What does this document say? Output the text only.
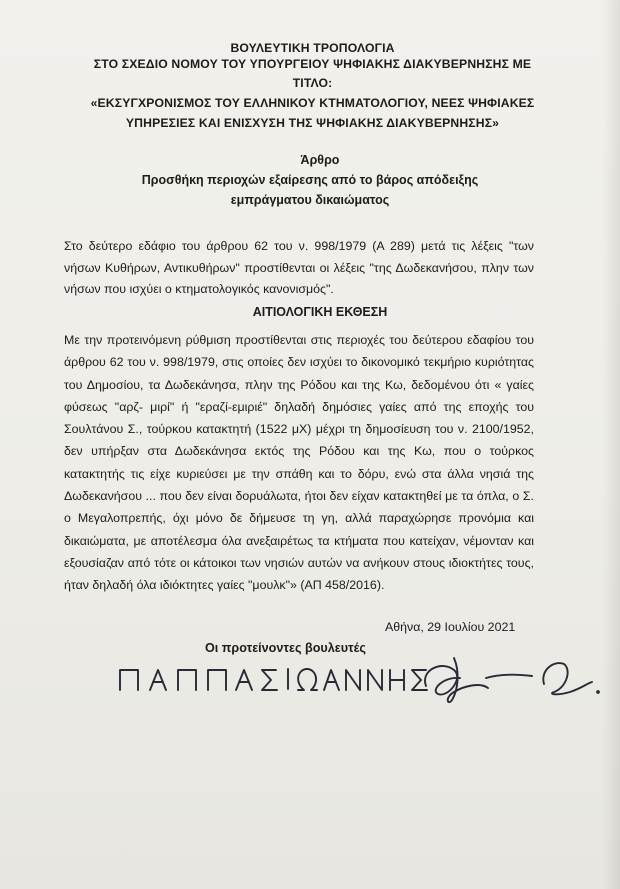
ΒΟΥΛΕΥΤΙΚΗ ΤΡΟΠΟΛΟΓΙΑ
ΣΤΟ ΣΧΕΔΙΟ ΝΟΜΟΥ ΤΟΥ ΥΠΟΥΡΓΕΙΟΥ ΨΗΦΙΑΚΗΣ ΔΙΑΚΥΒΕΡΝΗΣΗΣ ΜΕ
ΤΙΤΛΟ:
«ΕΚΣΥΓΧΡΟΝΙΣΜΟΣ ΤΟΥ ΕΛΛΗΝΙΚΟΥ ΚΤΗΜΑΤΟΛΟΓΙΟΥ, ΝΕΕΣ ΨΗΦΙΑΚΕΣ
ΥΠΗΡΕΣΙΕΣ ΚΑΙ ΕΝΙΣΧΥΣΗ ΤΗΣ ΨΗΦΙΑΚΗΣ ΔΙΑΚΥΒΕΡΝΗΣΗΣ»
Άρθρο
Προσθήκη περιοχών εξαίρεσης από το βάρος απόδειξης εμπράγματου δικαιώματος
Στο δεύτερο εδάφιο του άρθρου 62 του ν. 998/1979 (Α 289) μετά τις λέξεις "των νήσων Κυθήρων, Αντικυθήρων" προστίθενται οι λέξεις "της Δωδεκανήσου, πλην των νήσων που ισχύει ο κτηματολογικός κανονισμός".
ΑΙΤΙΟΛΟΓΙΚΗ ΕΚΘΕΣΗ
Με την προτεινόμενη ρύθμιση προστίθενται στις περιοχές του δεύτερου εδαφίου του άρθρου 62 του ν. 998/1979, στις οποίες δεν ισχύει το δικονομικό τεκμήριο κυριότητας του Δημοσίου, τα Δωδεκάνησα, πλην της Ρόδου και της Κω, δεδομένου ότι « γαίες φύσεως "αρζ- μιρί" ή "εραζί-εμιριέ" δηλαδή δημόσιες γαίες από της εποχής του Σουλτάνου Σ., τούρκου κατακτητή (1522 μΧ) μέχρι τη δημοσίευση του ν. 2100/1952, δεν υπήρξαν στα Δωδεκάνησα εκτός της Ρόδου και της Κω, που ο τούρκος κατακτητής τις είχε κυριεύσει με την σπάθη και το δόρυ, ενώ στα άλλα νησιά της Δωδεκανήσου ... που δεν είναι δορυάλωτα, ήτοι δεν είχαν κατακτηθεί με τα όπλα, ο Σ. ο Μεγαλοπρεπής, όχι μόνο δε δήμευσε τη γη, αλλά παραχώρησε προνόμια και δικαιώματα, με αποτέλεσμα όλα ανεξαιρέτως τα κτήματα που κατείχαν, νέμονταν και εξουσίαζαν από τότε οι κάτοικοι των νησιών αυτών να ανήκουν στους ιδιοκτήτες τους, ήταν δηλαδή όλα ιδιόκτητες γαίες "μουλκ"» (ΑΠ 458/2016).
Αθήνα, 29 Ιουλίου 2021
Οι προτείνοντες βουλευτές
